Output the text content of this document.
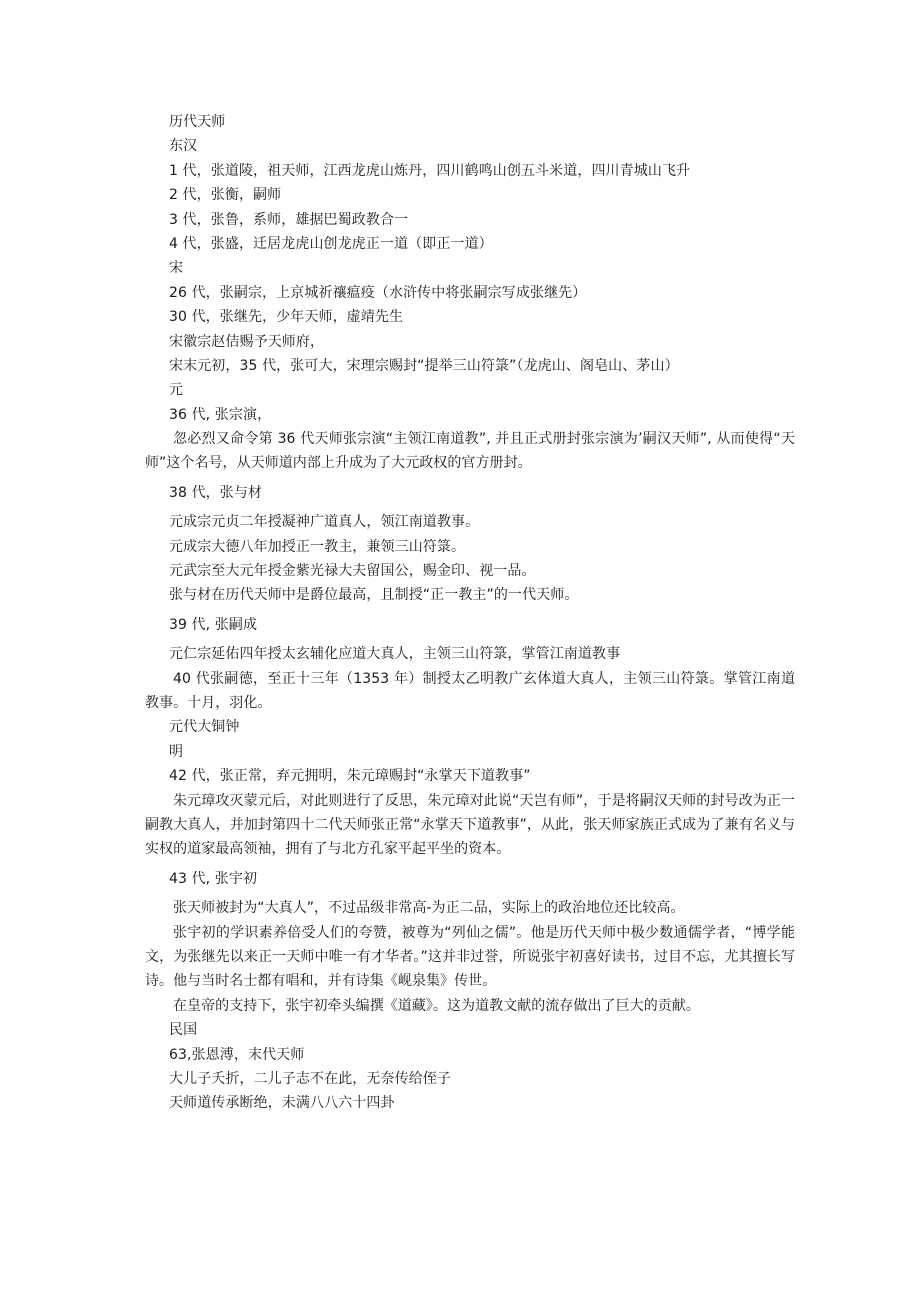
历代天师
东汉
1 代，张道陵，祖天师，江西龙虎山炼丹，四川鹤鸣山创五斗米道，四川青城山飞升
2 代，张衡，嗣师
3 代，张鲁，系师，雄据巴蜀政教合一
4 代，张盛，迁居龙虎山创龙虎正一道（即正一道）
宋
26 代，张嗣宗，上京城祈禳瘟疫（水浒传中将张嗣宗写成张继先）
30 代，张继先，少年天师，虚靖先生
宋徽宗赵佶赐予天师府，
宋末元初，35 代，张可大，宋理宗赐封“提举三山符箓”（龙虎山、阁皂山、茅山）
元
36 代, 张宗演，
忽必烈又命令第 36 代天师张宗演“主领江南道教”, 并且正式册封张宗演为’嗣汉天师”, 从而使得“天师”这个名号，从天师道内部上升成为了大元政权的官方册封。
38 代，张与材
元成宗元贞二年授凝神广道真人，领江南道教事。
元成宗大德八年加授正一教主，兼领三山符箓。
元武宗至大元年授金紫光禄大夫留国公，赐金印、视一品。
张与材在历代天师中是爵位最高，且制授“正一教主”的一代天师。
39 代, 张嗣成
元仁宗延佑四年授太玄辅化应道大真人，主领三山符箓，掌管江南道教事
40 代张嗣德，至正十三年（1353 年）制授太乙明教广玄体道大真人，主领三山符箓。掌管江南道教事。十月，羽化。
元代大铜钟
明
42 代，张正常，弃元拥明，朱元璋赐封“永掌天下道教事”
朱元璋攻灭蒙元后，对此则进行了反思，朱元璋对此说“天岂有师”，于是将嗣汉天师的封号改为正一嗣教大真人，并加封第四十二代天师张正常“永掌天下道教事”，从此，张天师家族正式成为了兼有名义与实权的道家最高领袖，拥有了与北方孔家平起平坐的资本。
43 代, 张宇初
张天师被封为“大真人”，不过品级非常高-为正二品，实际上的政治地位还比较高。
张宇初的学识素养倍受人们的夸赞，被尊为“列仙之儒”。他是历代天师中极少数通儒学者，“博学能文，为张继先以来正一天师中唯一有才华者。”这并非过誉，所说张宇初喜好读书，过目不忘，尤其擅长写诗。他与当时名士都有唱和，并有诗集《岘泉集》传世。
在皇帝的支持下，张宇初牵头编撰《道藏》。这为道教文献的流存做出了巨大的贡献。
民国
63,张恩溥，末代天师
大儿子夭折，二儿子志不在此，无奈传给侄子
天师道传承断绝，未满八八六十四卦
